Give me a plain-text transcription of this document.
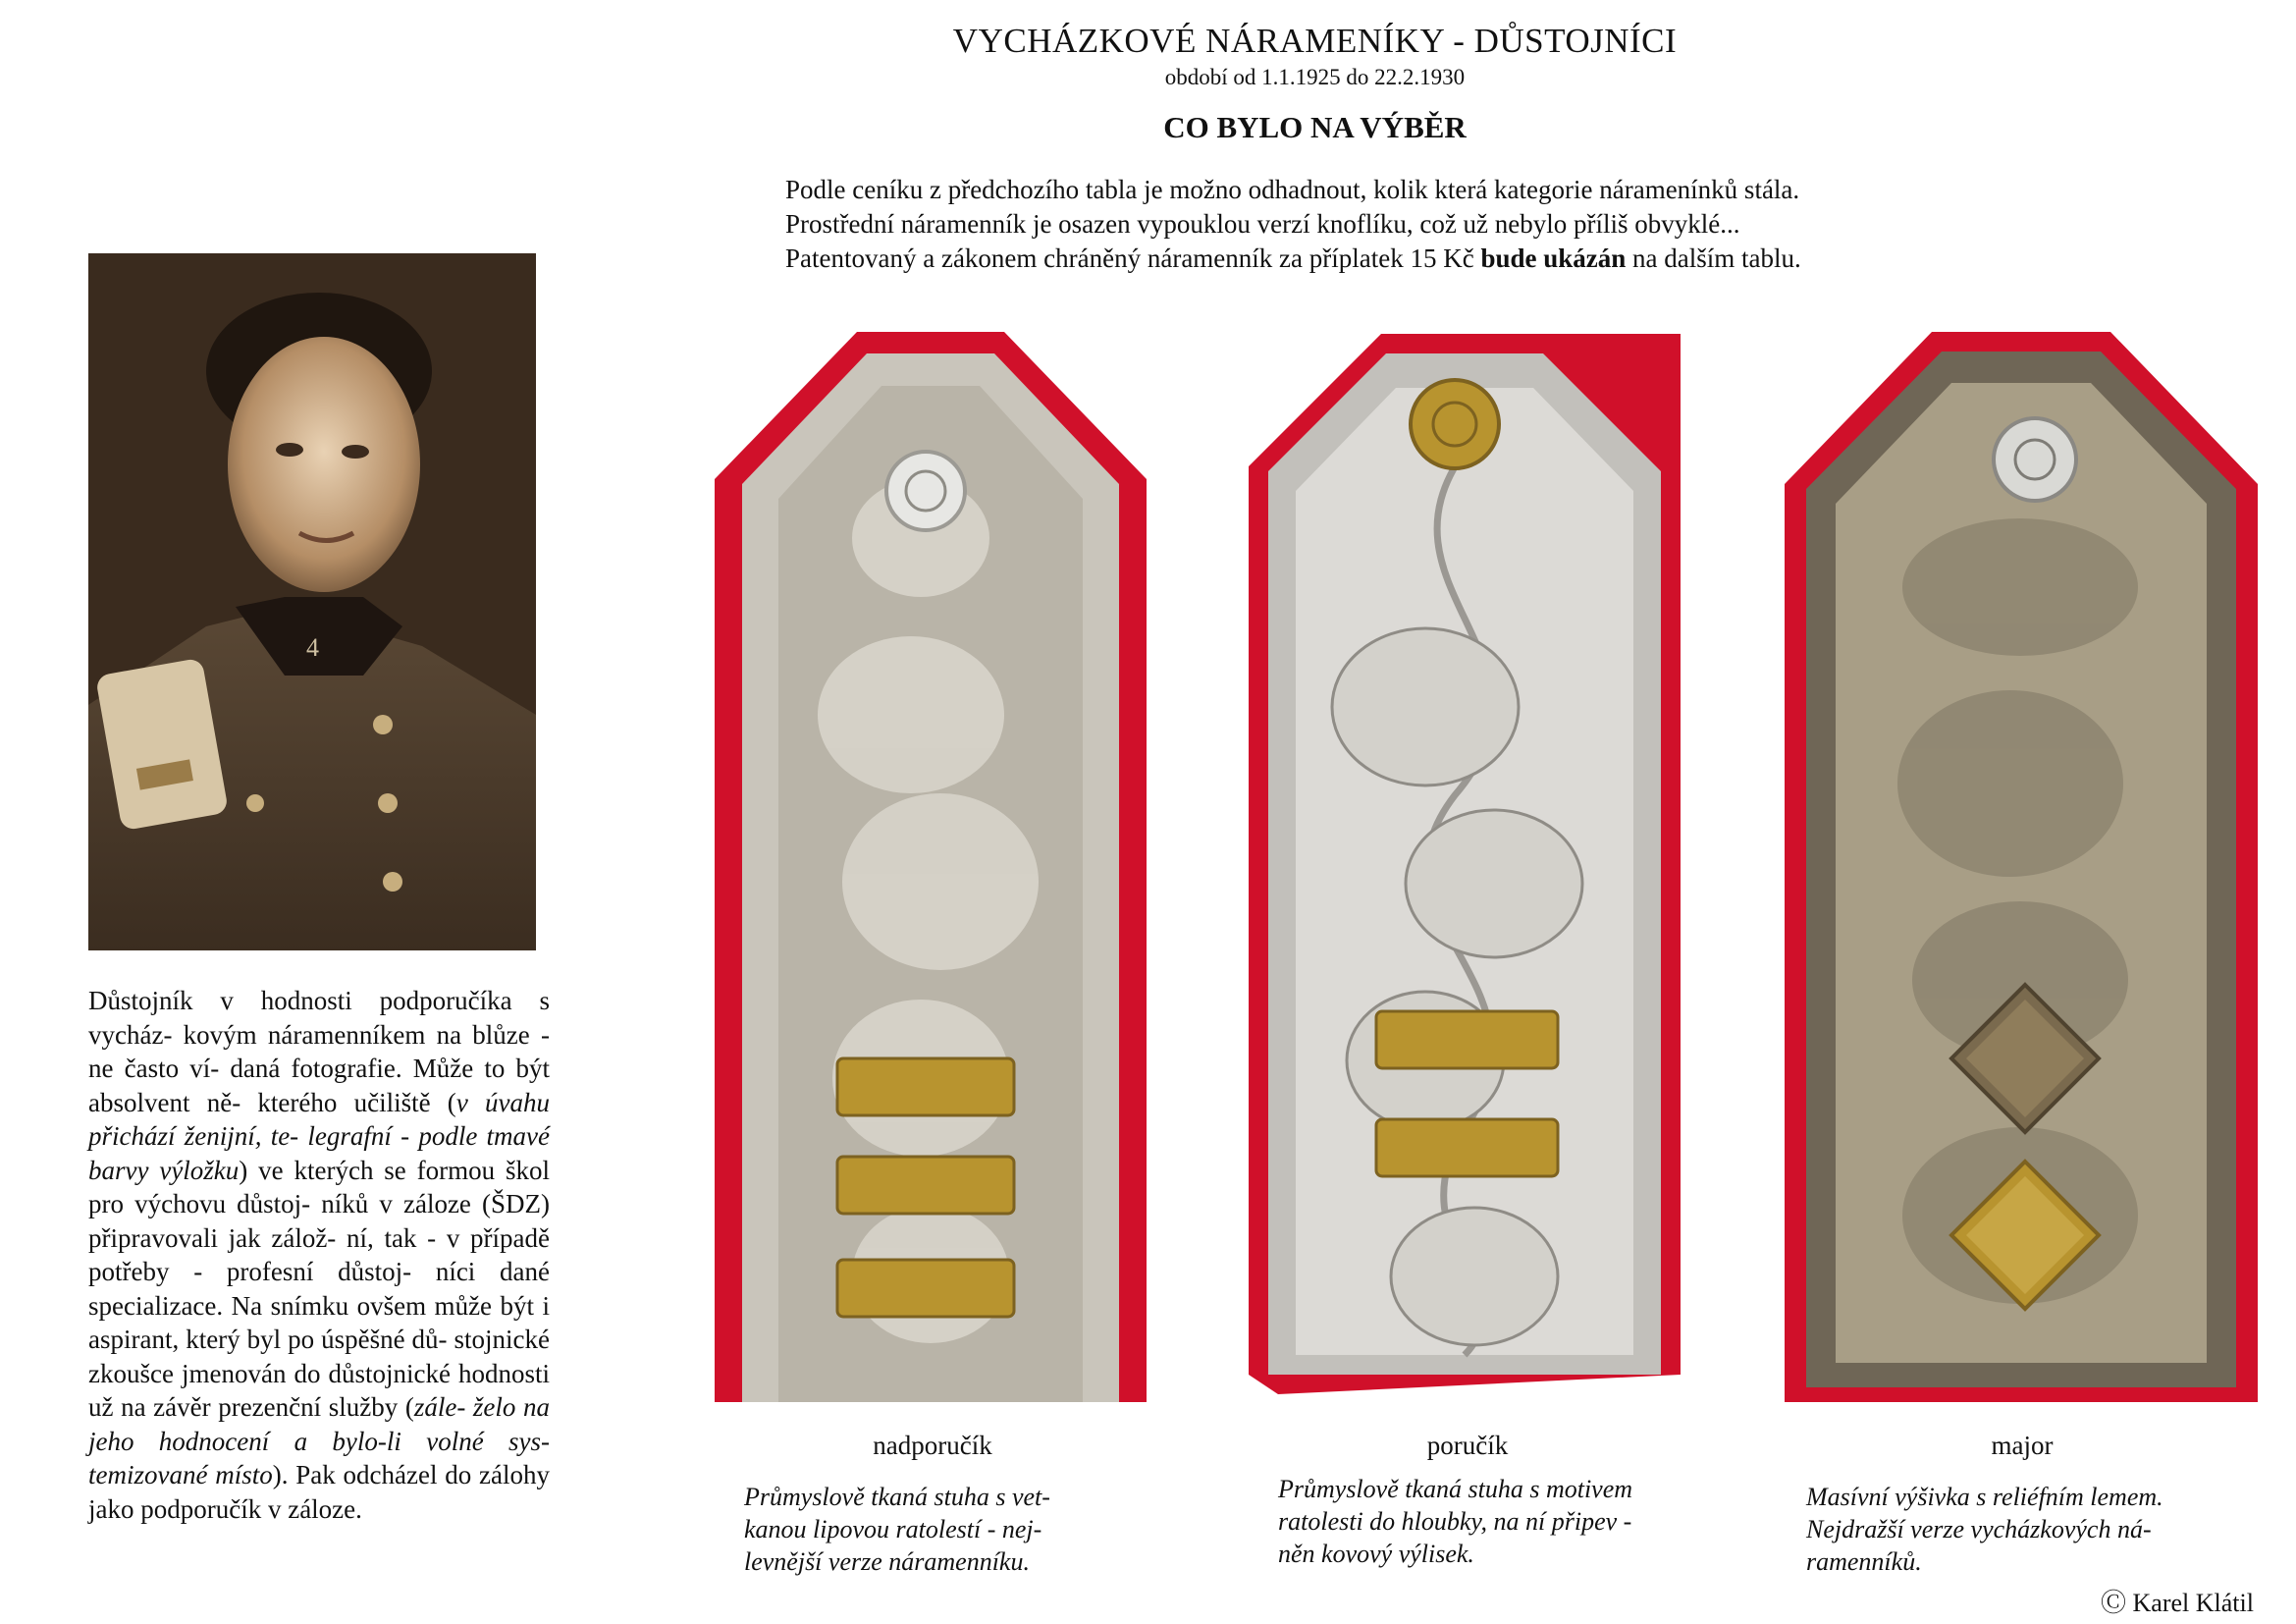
VYCHÁZKOVÉ NÁRAMENÍKY - DŮSTOJNÍCI
období od 1.1.1925 do 22.2.1930
CO BYLO NA VÝBĚR

Podle ceníku z předchozího tabla je možno odhadnout, kolik která kategorie náramenínků stála.

Prostřední náramenník je osazen vypouklou verzí knoflíku, což už nebylo příliš obvyklé...

Patentovaný a zákonem chráněný náramenník za příplatek 15 Kč bude ukázán na dalším tablu.

4

Důstojník v hodnosti podporučíka s vycház- kovým náramenníkem na blůze - ne často ví- daná fotografie. Může to být absolvent ně- kterého učiliště (v úvahu přichází ženijní, te- legrafní - podle tmavé barvy výložku) ve kterých se formou škol pro výchovu důstoj- níků v záloze (ŠDZ) připravovali jak zálož- ní, tak - v případě potřeby - profesní důstoj- níci dané specializace. Na snímku ovšem může být i aspirant, který byl po úspěšné dů- stojnické zkoušce jmenován do důstojnické hodnosti už na závěr prezenční služby (zále- želo na jeho hodnocení a bylo-li volné sys- temizované místo). Pak odcházel do zálohy jako podporučík v záloze.

nadporučík	poručík	major

Průmyslově tkaná stuha s vet-

kanou lipovou ratolestí - nej-

levnější verze náramenníku.

Průmyslově tkaná stuha s motivem

ratolesti do hloubky, na ní připev -

něn kovový výlisek.

Masívní výšivka s reliéfním lemem.

Nejdražší verze vycházkových ná-

ramenníků.

Ⓒ Karel Klátil
